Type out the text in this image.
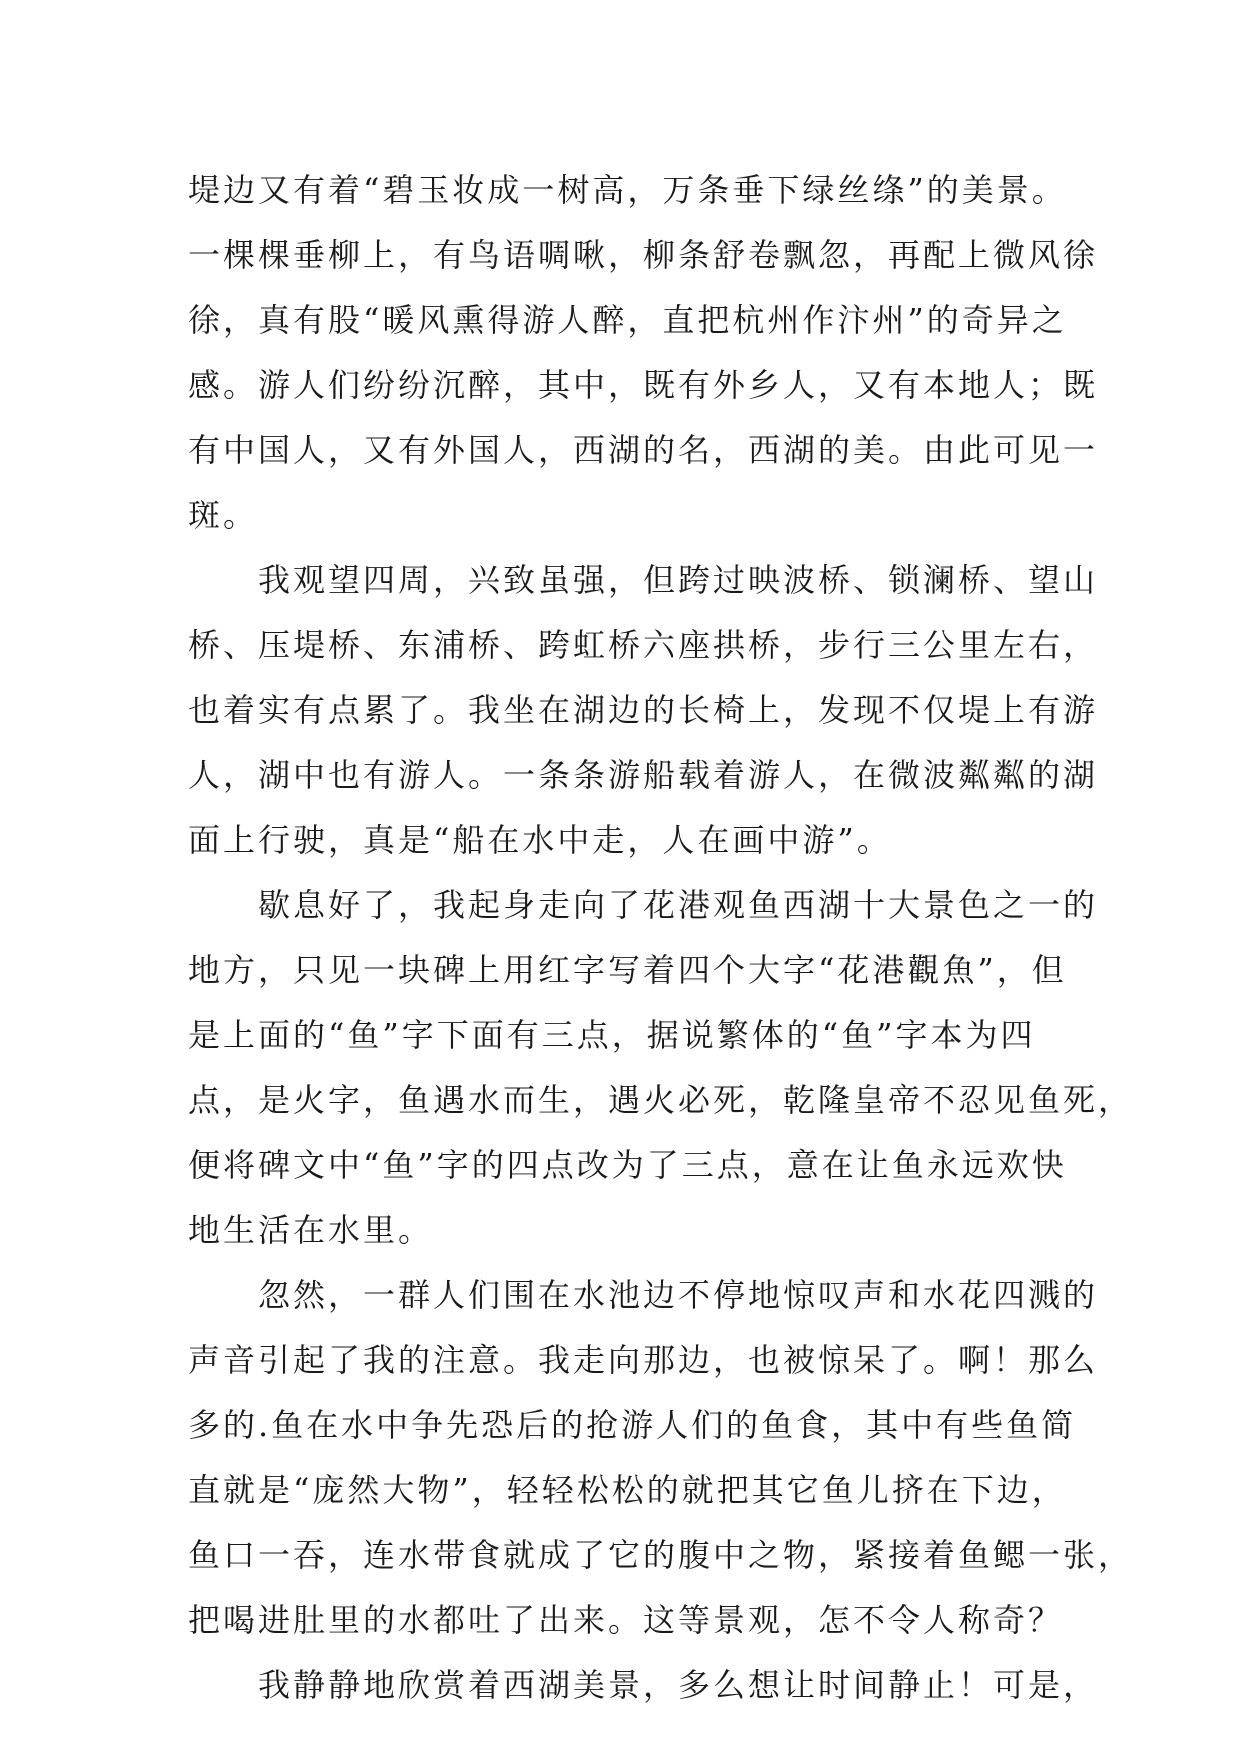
堤边又有着“碧玉妆成一树高，万条垂下绿丝绦”的美景。
一棵棵垂柳上，有鸟语啁啾，柳条舒卷飘忽，再配上微风徐
徐，真有股“暖风熏得游人醉，直把杭州作汴州”的奇异之
感。游人们纷纷沉醉，其中，既有外乡人，又有本地人；既
有中国人，又有外国人，西湖的名，西湖的美。由此可见一
斑。
我观望四周，兴致虽强，但跨过映波桥、锁澜桥、望山
桥、压堤桥、东浦桥、跨虹桥六座拱桥，步行三公里左右，
也着实有点累了。我坐在湖边的长椅上，发现不仅堤上有游
人，湖中也有游人。一条条游船载着游人，在微波粼粼的湖
面上行驶，真是“船在水中走，人在画中游”。
歇息好了，我起身走向了花港观鱼西湖十大景色之一的
地方，只见一块碑上用红字写着四个大字“花港觀魚”，但
是上面的“鱼”字下面有三点，据说繁体的“鱼”字本为四
点，是火字，鱼遇水而生，遇火必死，乾隆皇帝不忍见鱼死，
便将碑文中“鱼”字的四点改为了三点，意在让鱼永远欢快
地生活在水里。
忽然，一群人们围在水池边不停地惊叹声和水花四溅的
声音引起了我的注意。我走向那边，也被惊呆了。啊！那么
多的.鱼在水中争先恐后的抢游人们的鱼食，其中有些鱼简
直就是“庞然大物”，轻轻松松的就把其它鱼儿挤在下边，
鱼口一吞，连水带食就成了它的腹中之物，紧接着鱼鳃一张，
把喝进肚里的水都吐了出来。这等景观，怎不令人称奇？
我静静地欣赏着西湖美景，多么想让时间静止！可是，
